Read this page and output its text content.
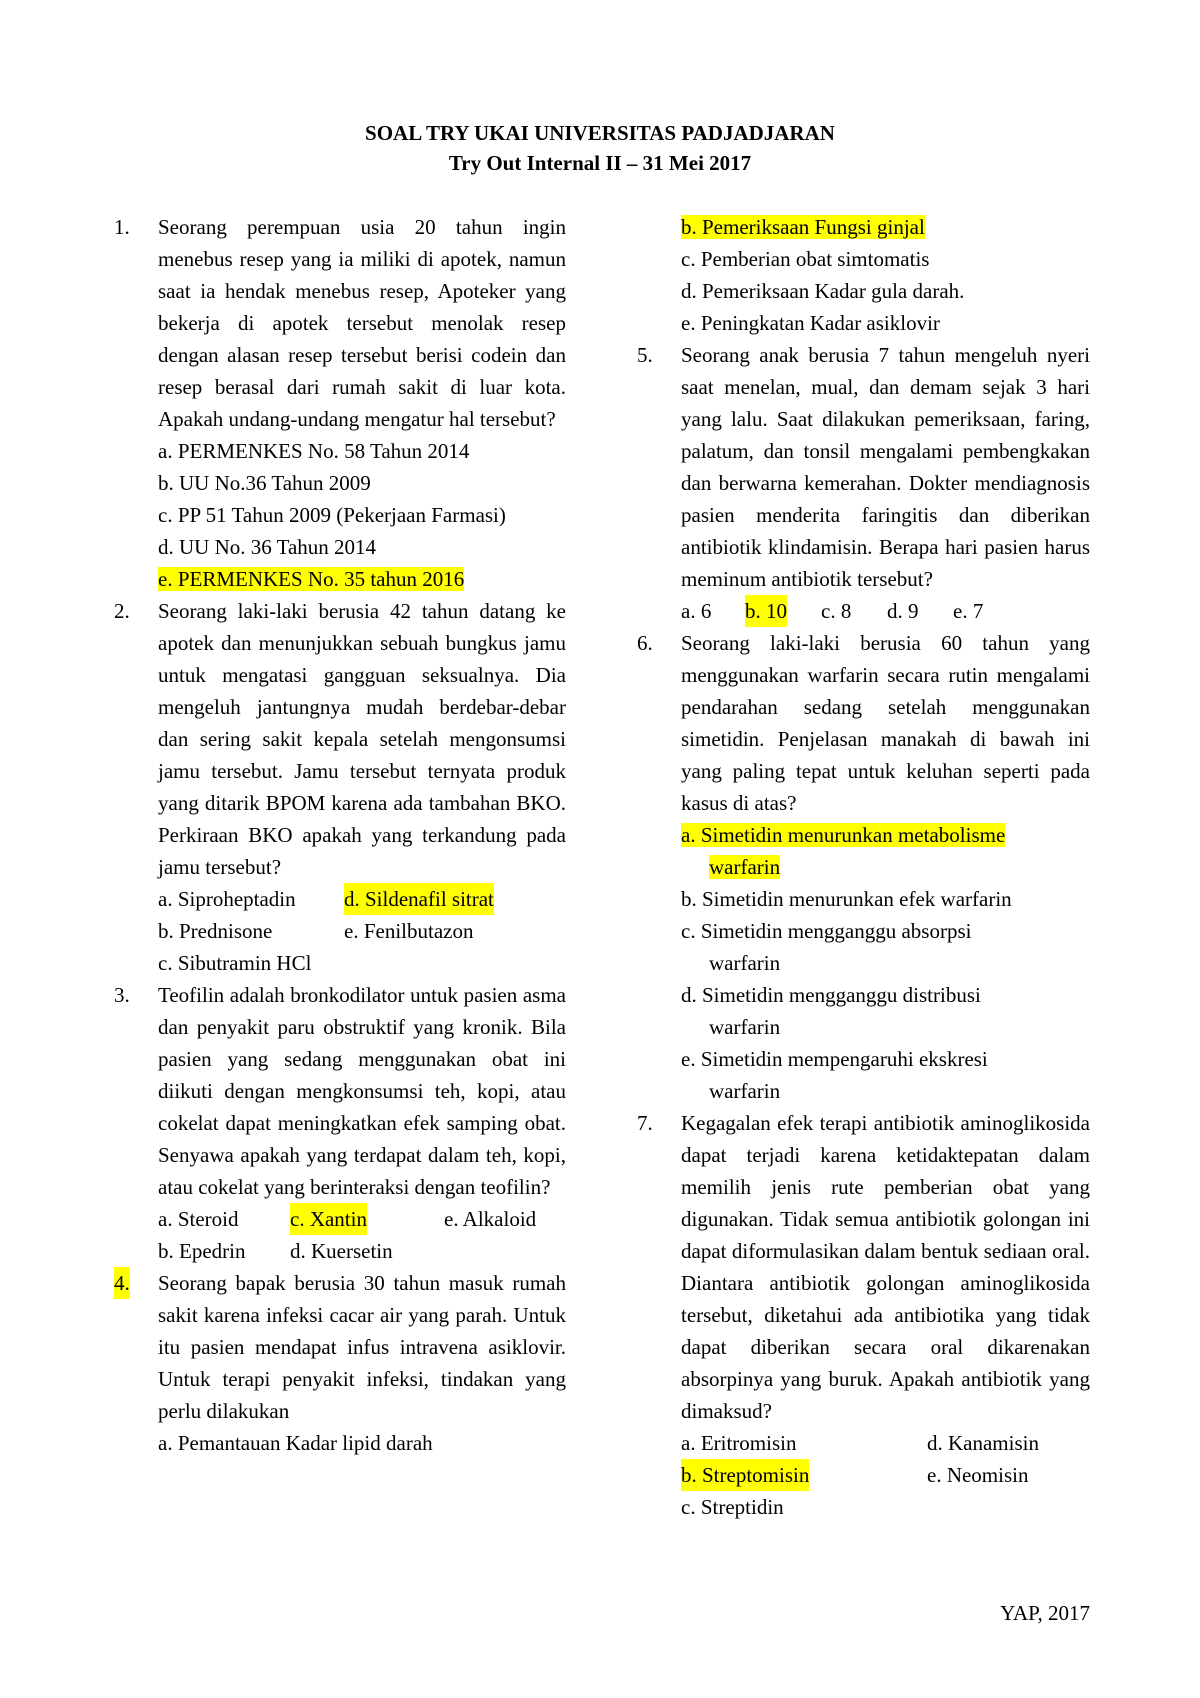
SOAL TRY UKAI UNIVERSITAS PADJADJARAN
Try Out Internal II – 31 Mei 2017
1. Seorang perempuan usia 20 tahun ingin menebus resep yang ia miliki di apotek, namun saat ia hendak menebus resep, Apoteker yang bekerja di apotek tersebut menolak resep dengan alasan resep tersebut berisi codein dan resep berasal dari rumah sakit di luar kota. Apakah undang-undang mengatur hal tersebut?

a. PERMENKES No. 58 Tahun 2014
b. UU No.36 Tahun 2009
c. PP 51 Tahun 2009 (Pekerjaan Farmasi)
d. UU No. 36 Tahun 2014
e. PERMENKES No. 35 tahun 2016
2. Seorang laki-laki berusia 42 tahun datang ke apotek dan menunjukkan sebuah bungkus jamu untuk mengatasi gangguan seksualnya. Dia mengeluh jantungnya mudah berdebar-debar dan sering sakit kepala setelah mengonsumsi jamu tersebut. Jamu tersebut ternyata produk yang ditarik BPOM karena ada tambahan BKO. Perkiraan BKO apakah yang terkandung pada jamu tersebut?

a. Siproheptadin	d. Sildenafil sitrat
b. Prednisone	e. Fenilbutazon
c. Sibutramin HCl
3. Teofilin adalah bronkodilator untuk pasien asma dan penyakit paru obstruktif yang kronik. Bila pasien yang sedang menggunakan obat ini diikuti dengan mengkonsumsi teh, kopi, atau cokelat dapat meningkatkan efek samping obat. Senyawa apakah yang terdapat dalam teh, kopi, atau cokelat yang berinteraksi dengan teofilin?

a. Steroid	c. Xantin	e. Alkaloid
b. Epedrin	d. Kuersetin
4. Seorang bapak berusia 30 tahun masuk rumah sakit karena infeksi cacar air yang parah. Untuk itu pasien mendapat infus intravena asiklovir. Untuk terapi penyakit infeksi, tindakan yang perlu dilakukan

a. Pemantauan Kadar lipid darah
b. Pemeriksaan Fungsi ginjal
c. Pemberian obat simtomatis
d. Pemeriksaan Kadar gula darah.
e. Peningkatan Kadar asiklovir
5. Seorang anak berusia 7 tahun mengeluh nyeri saat menelan, mual, dan demam sejak 3 hari yang lalu. Saat dilakukan pemeriksaan, faring, palatum, dan tonsil mengalami pembengkakan dan berwarna kemerahan. Dokter mendiagnosis pasien menderita faringitis dan diberikan antibiotik klindamisin. Berapa hari pasien harus meminum antibiotik tersebut?

a. 6	b. 10	c. 8	d. 9	e. 7
6. Seorang laki-laki berusia 60 tahun yang menggunakan warfarin secara rutin mengalami pendarahan sedang setelah menggunakan simetidin. Penjelasan manakah di bawah ini yang paling tepat untuk keluhan seperti pada kasus di atas?

a. Simetidin menurunkan metabolisme
warfarin
b. Simetidin menurunkan efek warfarin
c. Simetidin mengganggu absorpsi warfarin
d. Simetidin mengganggu distribusi warfarin
e. Simetidin mempengaruhi ekskresi warfarin
7. Kegagalan efek terapi antibiotik aminoglikosida dapat terjadi karena ketidaktepatan dalam memilih jenis rute pemberian obat yang digunakan. Tidak semua antibiotik golongan ini dapat diformulasikan dalam bentuk sediaan oral. Diantara antibiotik golongan aminoglikosida tersebut, diketahui ada antibiotika yang tidak dapat diberikan secara oral dikarenakan absorpinya yang buruk. Apakah antibiotik yang dimaksud?

a. Eritromisin	d. Kanamisin
b. Streptomisin	e. Neomisin
c. Streptidin
YAP, 2017
